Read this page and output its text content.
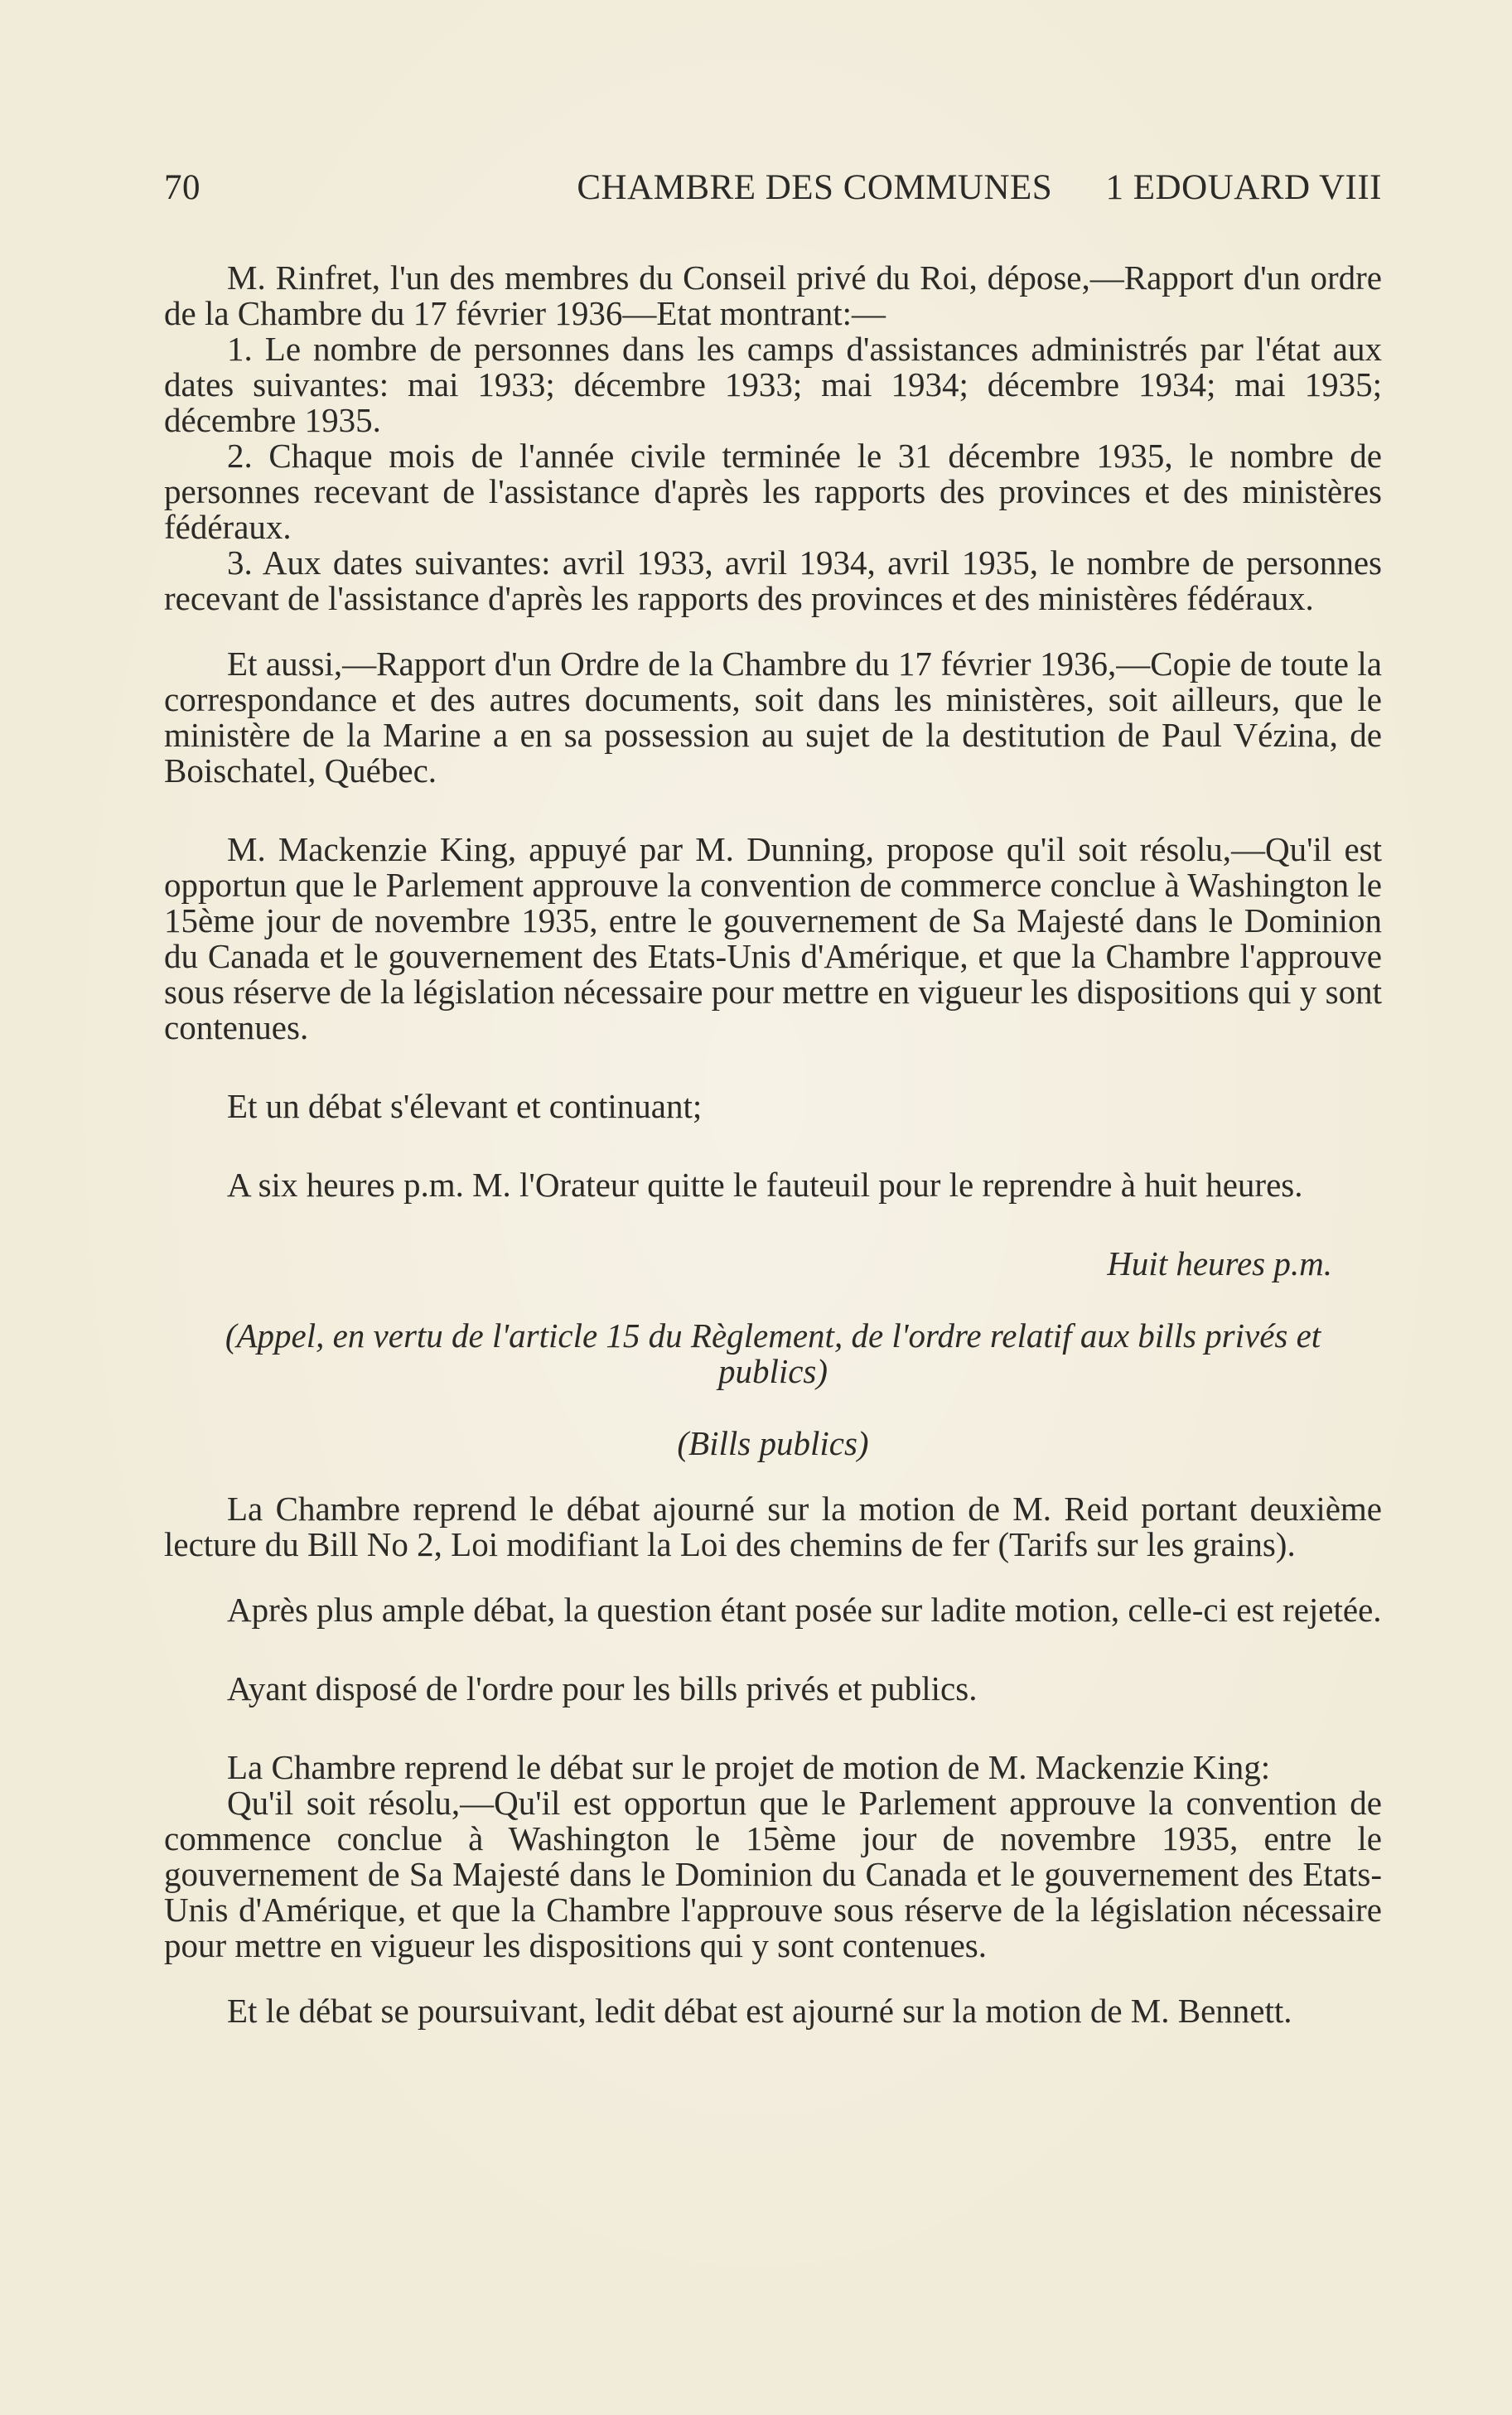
70	CHAMBRE DES COMMUNES 1 EDOUARD VIII

M. Rinfret, l'un des membres du Conseil privé du Roi, dépose,—Rapport d'un ordre de la Chambre du 17 février 1936—Etat montrant:—

1. Le nombre de personnes dans les camps d'assistances administrés par l'état aux dates suivantes: mai 1933; décembre 1933; mai 1934; décembre 1934; mai 1935; décembre 1935.

2. Chaque mois de l'année civile terminée le 31 décembre 1935, le nombre de personnes recevant de l'assistance d'après les rapports des provinces et des ministères fédéraux.

3. Aux dates suivantes: avril 1933, avril 1934, avril 1935, le nombre de personnes recevant de l'assistance d'après les rapports des provinces et des ministères fédéraux.

Et aussi,—Rapport d'un Ordre de la Chambre du 17 février 1936,—Copie de toute la correspondance et des autres documents, soit dans les ministères, soit ailleurs, que le ministère de la Marine a en sa possession au sujet de la destitution de Paul Vézina, de Boischatel, Québec.

M. Mackenzie King, appuyé par M. Dunning, propose qu'il soit résolu,—Qu'il est opportun que le Parlement approuve la convention de commerce conclue à Washington le 15ème jour de novembre 1935, entre le gouvernement de Sa Majesté dans le Dominion du Canada et le gouvernement des Etats-Unis d'Amérique, et que la Chambre l'approuve sous réserve de la législation nécessaire pour mettre en vigueur les dispositions qui y sont contenues.

Et un débat s'élevant et continuant;

A six heures p.m. M. l'Orateur quitte le fauteuil pour le reprendre à huit heures.

Huit heures p.m.

(Appel, en vertu de l'article 15 du Règlement, de l'ordre relatif aux bills privés et publics)

(Bills publics)

La Chambre reprend le débat ajourné sur la motion de M. Reid portant deuxième lecture du Bill No 2, Loi modifiant la Loi des chemins de fer (Tarifs sur les grains).

Après plus ample débat, la question étant posée sur ladite motion, celle-ci est rejetée.

Ayant disposé de l'ordre pour les bills privés et publics.

La Chambre reprend le débat sur le projet de motion de M. Mackenzie King:

Qu'il soit résolu,—Qu'il est opportun que le Parlement approuve la convention de commence conclue à Washington le 15ème jour de novembre 1935, entre le gouvernement de Sa Majesté dans le Dominion du Canada et le gouvernement des Etats-Unis d'Amérique, et que la Chambre l'approuve sous réserve de la législation nécessaire pour mettre en vigueur les dispositions qui y sont contenues.

Et le débat se poursuivant, ledit débat est ajourné sur la motion de M. Bennett.
